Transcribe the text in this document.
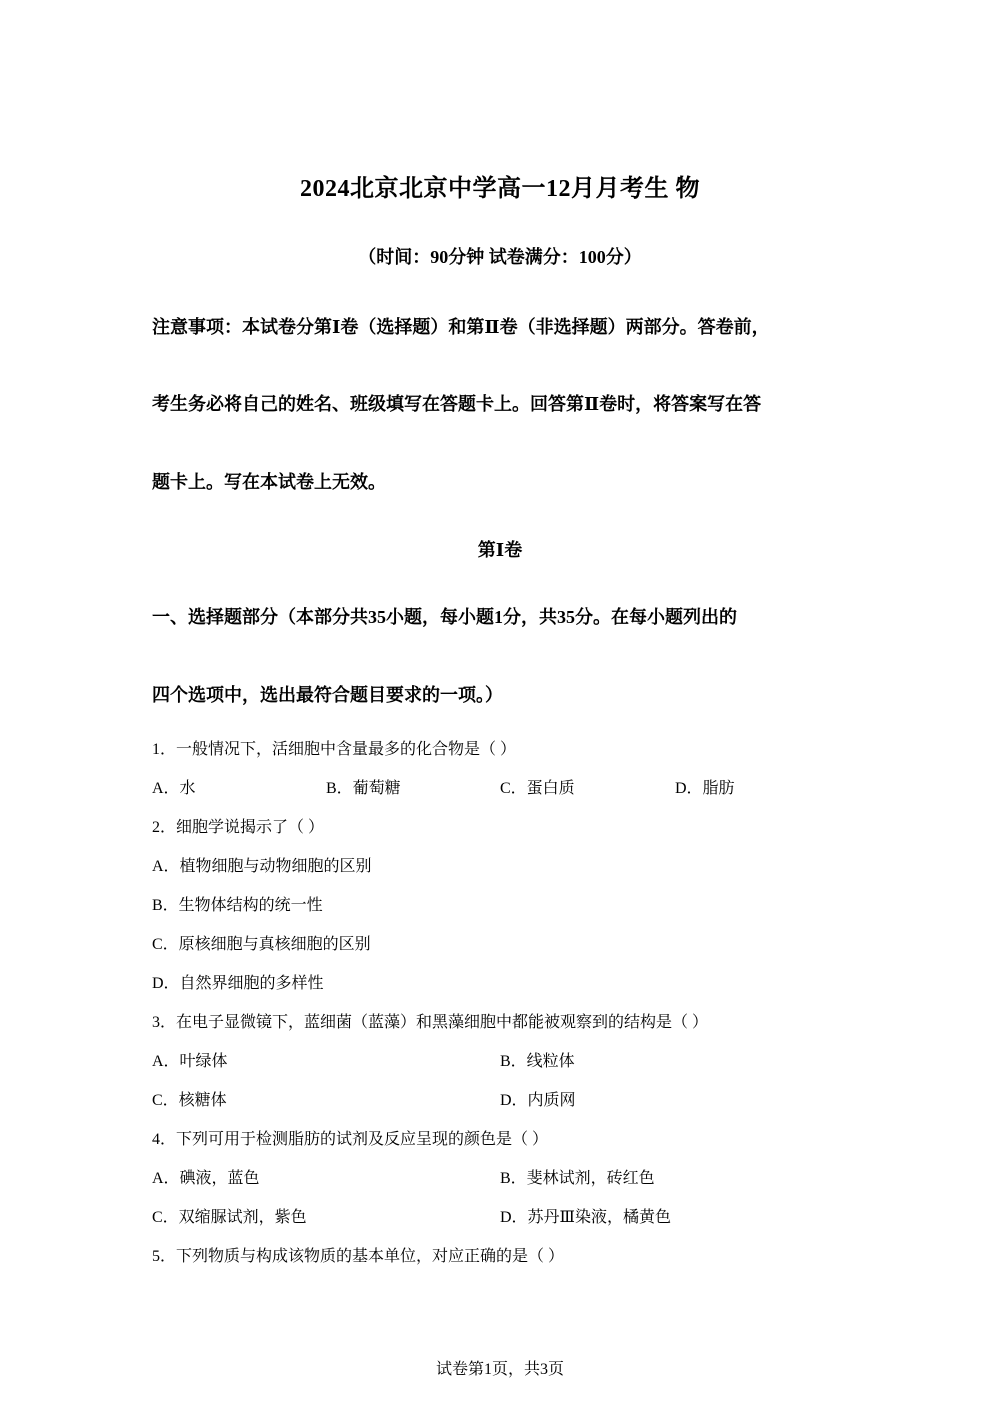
2024北京北京中学高一12月月考生 物
（时间：90分钟 试卷满分：100分）
注意事项：本试卷分第Ⅰ卷（选择题）和第Ⅱ卷（非选择题）两部分。答卷前，
考生务必将自己的姓名、班级填写在答题卡上。回答第Ⅱ卷时，将答案写在答
题卡上。写在本试卷上无效。
第Ⅰ卷
一、选择题部分（本部分共35小题，每小题1分，共35分。在每小题列出的
四个选项中，选出最符合题目要求的一项。）
1．一般情况下，活细胞中含量最多的化合物是（ ）
A．水	B．葡萄糖	C．蛋白质	D．脂肪
2．细胞学说揭示了（ ）
A．植物细胞与动物细胞的区别
B．生物体结构的统一性
C．原核细胞与真核细胞的区别
D．自然界细胞的多样性
3．在电子显微镜下，蓝细菌（蓝藻）和黑藻细胞中都能被观察到的结构是（ ）
A．叶绿体	B．线粒体
C．核糖体	D．内质网
4．下列可用于检测脂肪的试剂及反应呈现的颜色是（ ）
A．碘液，蓝色	B．斐林试剂，砖红色
C．双缩脲试剂，紫色	D．苏丹Ⅲ染液，橘黄色
5．下列物质与构成该物质的基本单位，对应正确的是（ ）
试卷第1页，共3页
